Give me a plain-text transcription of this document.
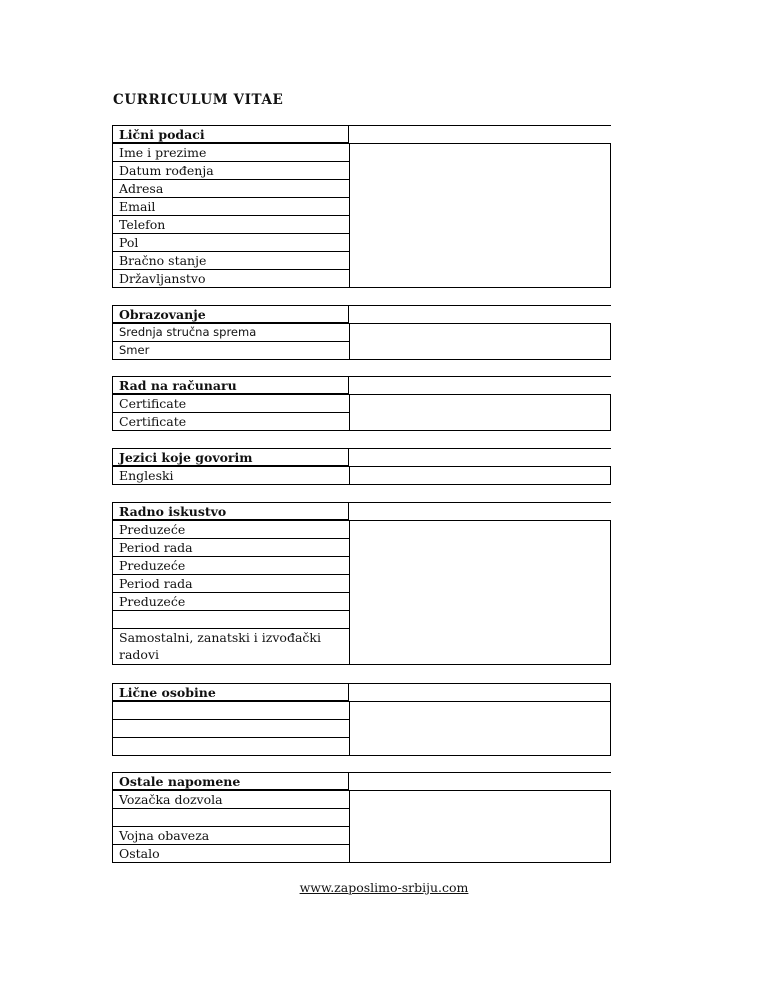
CURRICULUM VITAE
Lični podaci
Ime i prezime
Datum rođenja
Adresa
Email
Telefon
Pol
Bračno stanje
Državljanstvo
Obrazovanje
Srednja stručna sprema
Smer
Rad na računaru
Certificate
Certificate
Jezici koje govorim
Engleski
Radno iskustvo
Preduzeće
Period rada
Preduzeće
Period rada
Preduzeće
Samostalni, zanatski i izvođački radovi
Lične osobine
Ostale napomene
Vozačka dozvola
Vojna obaveza
Ostalo
www.zaposlimo-srbiju.com
